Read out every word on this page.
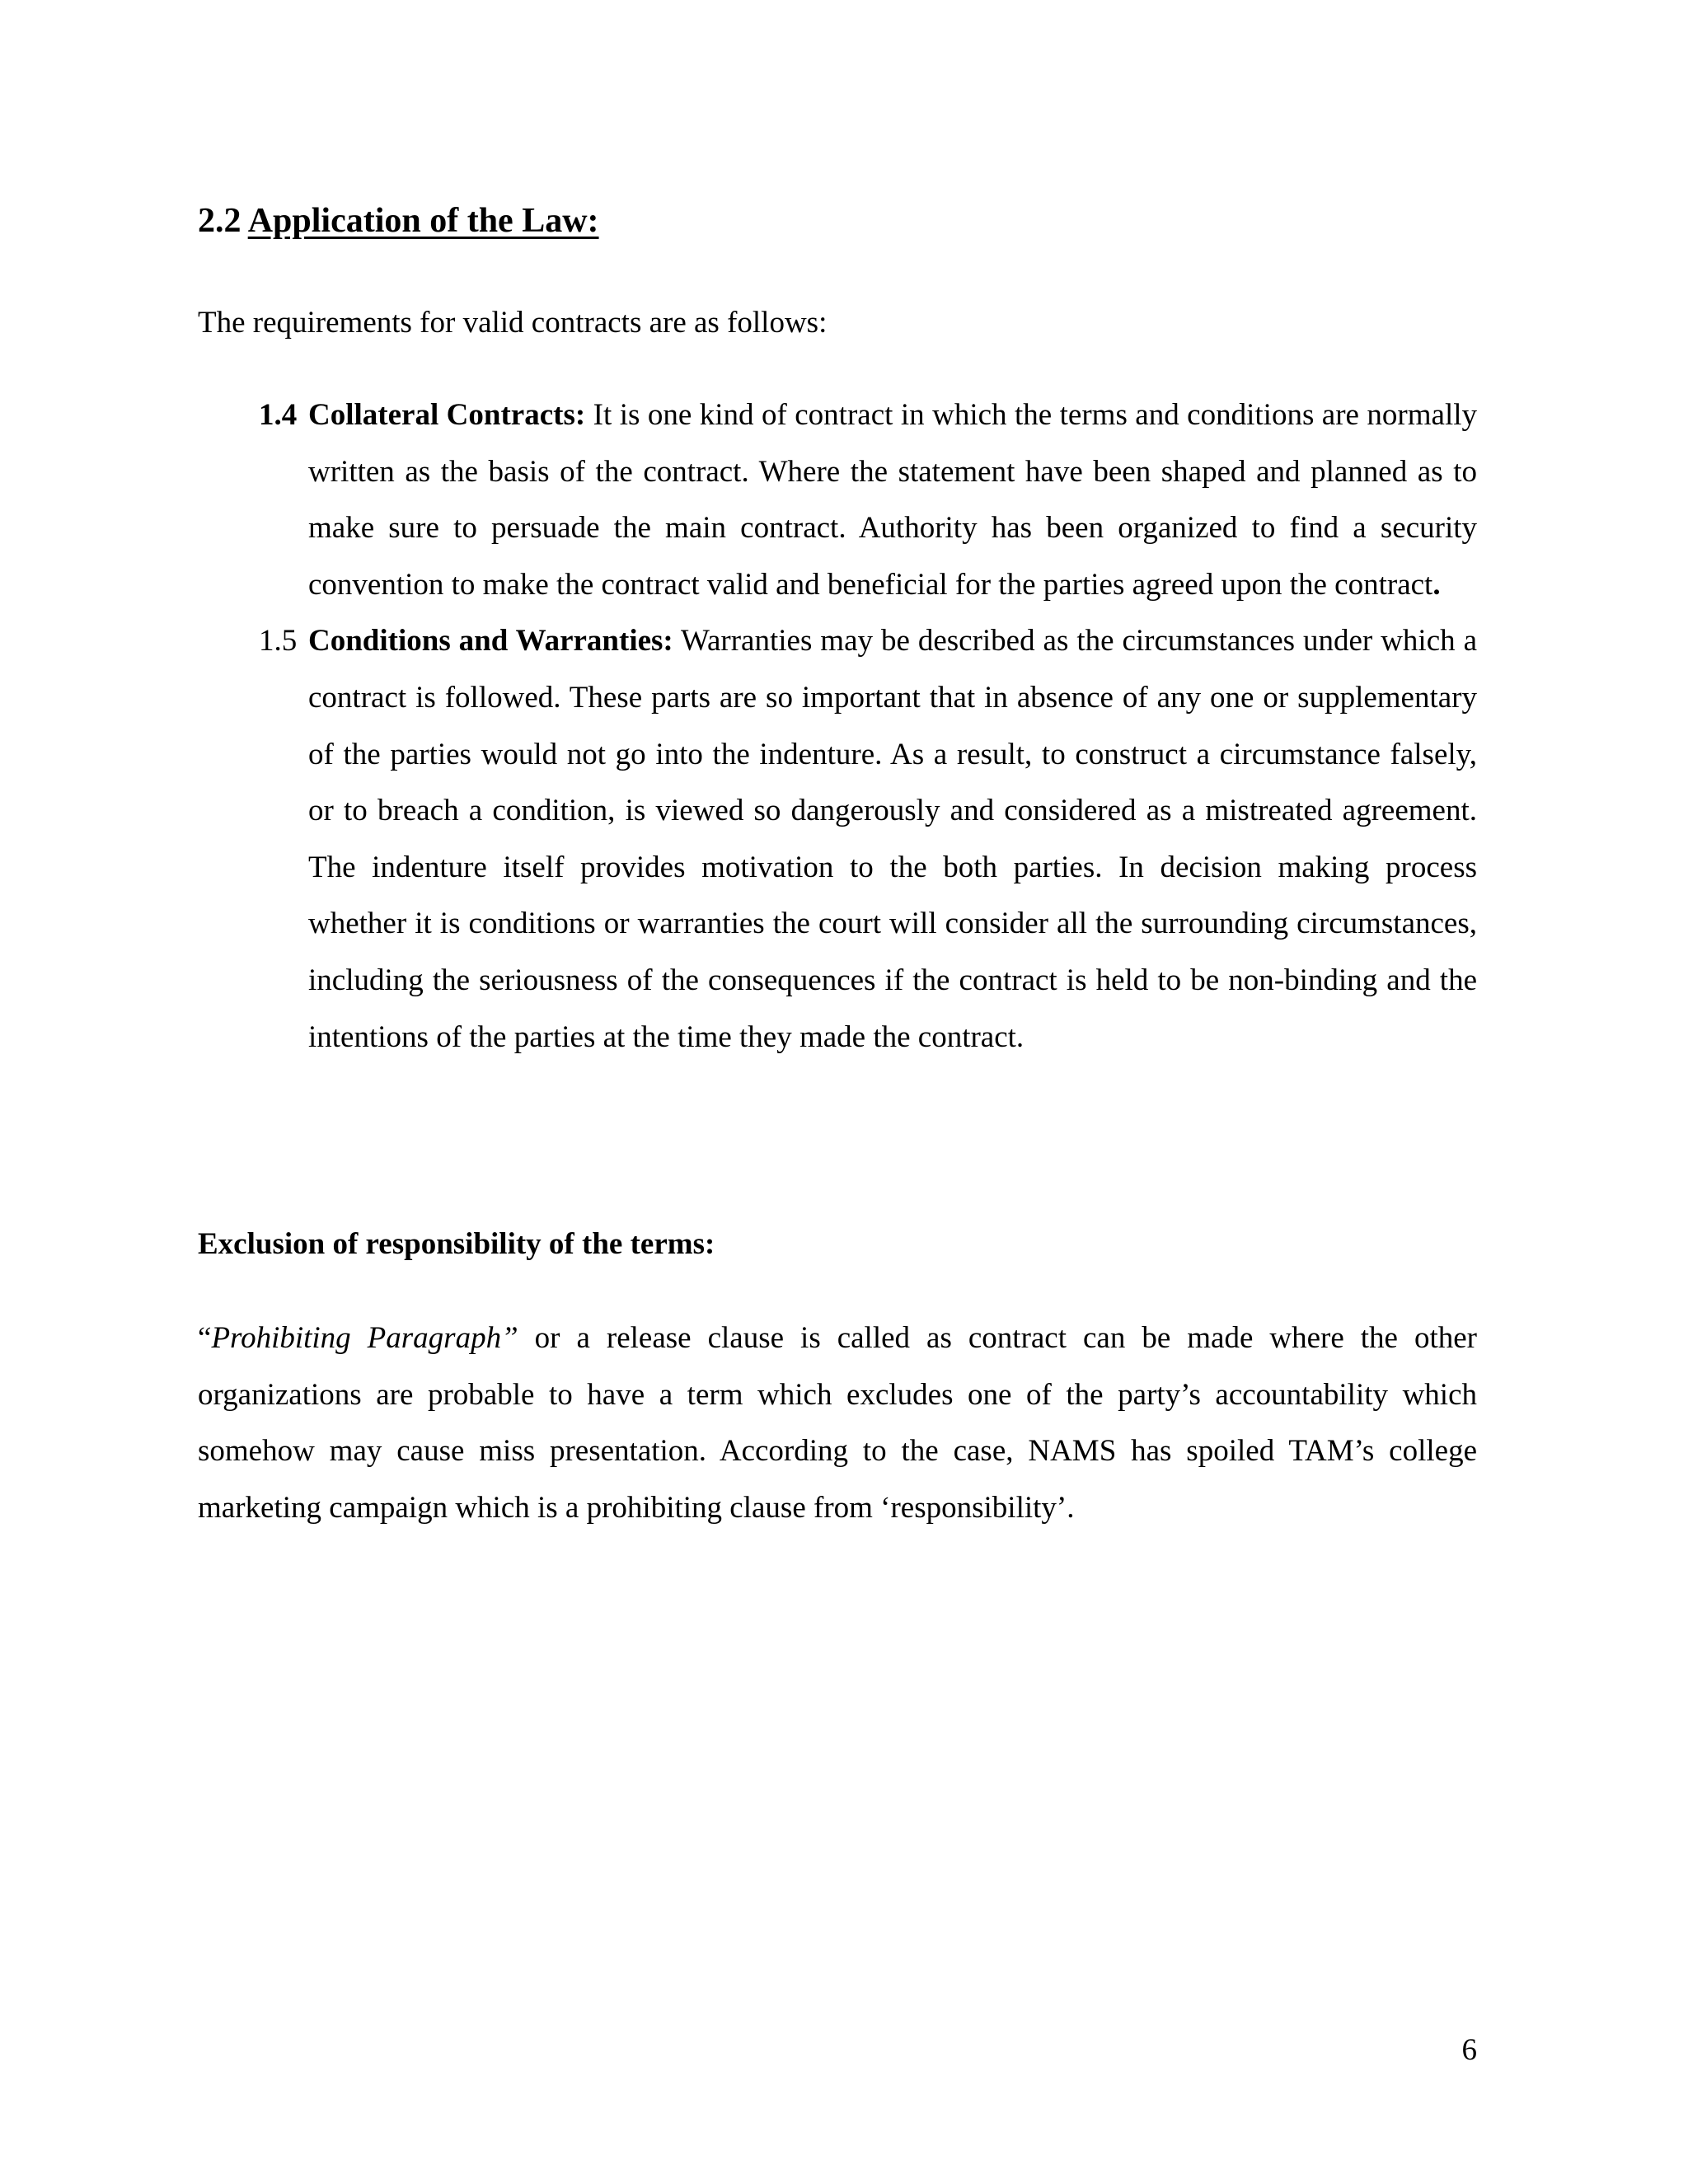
2.2 Application of the Law:
The requirements for valid contracts are as follows:
1.4 Collateral Contracts: It is one kind of contract in which the terms and conditions are normally written as the basis of the contract. Where the statement have been shaped and planned as to make sure to persuade the main contract. Authority has been organized to find a security convention to make the contract valid and beneficial for the parties agreed upon the contract.
1.5 Conditions and Warranties: Warranties may be described as the circumstances under which a contract is followed. These parts are so important that in absence of any one or supplementary of the parties would not go into the indenture. As a result, to construct a circumstance falsely, or to breach a condition, is viewed so dangerously and considered as a mistreated agreement. The indenture itself provides motivation to the both parties. In decision making process whether it is conditions or warranties the court will consider all the surrounding circumstances, including the seriousness of the consequences if the contract is held to be non-binding and the intentions of the parties at the time they made the contract.
Exclusion of responsibility of the terms:
“Prohibiting Paragraph” or a release clause is called as contract can be made where the other organizations are probable to have a term which excludes one of the party’s accountability which somehow may cause miss presentation. According to the case, NAMS has spoiled TAM’s college marketing campaign which is a prohibiting clause from ‘responsibility’.
6
